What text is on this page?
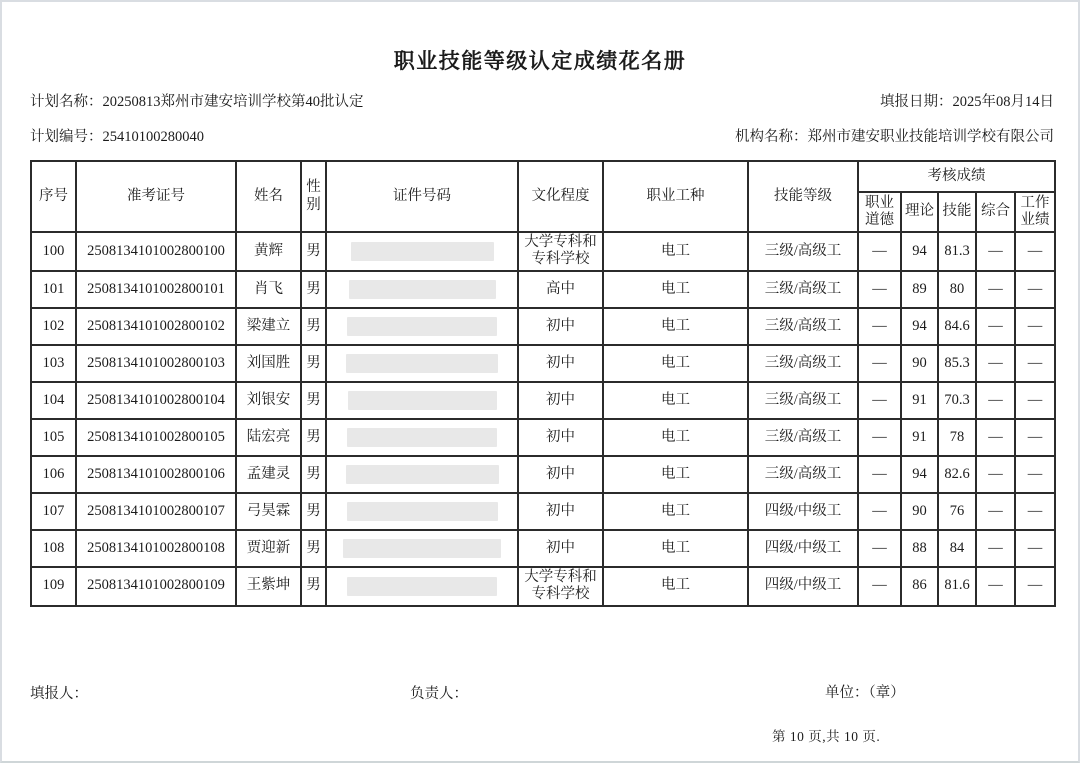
职业技能等级认定成绩花名册
计划名称：20250813郑州市建安培训学校第40批认定	填报日期：2025年08月14日
计划编号：25410100280040	机构名称：郑州市建安职业技能培训学校有限公司
序号	准考证号	姓名	性别	证件号码	文化程度	职业工种	技能等级	考核成绩				
								职业道德	理论	技能	综合	工作业绩
100	2508134101002800100	黄辉	男		大学专科和专科学校	电工	三级/高级工	—	94	81.3	—	—
101	2508134101002800101	肖飞	男		高中	电工	三级/高级工	—	89	80	—	—
102	2508134101002800102	梁建立	男		初中	电工	三级/高级工	—	94	84.6	—	—
103	2508134101002800103	刘国胜	男		初中	电工	三级/高级工	—	90	85.3	—	—
104	2508134101002800104	刘银安	男		初中	电工	三级/高级工	—	91	70.3	—	—
105	2508134101002800105	陆宏亮	男		初中	电工	三级/高级工	—	91	78	—	—
106	2508134101002800106	孟建灵	男		初中	电工	三级/高级工	—	94	82.6	—	—
107	2508134101002800107	弓昊霖	男		初中	电工	四级/中级工	—	90	76	—	—
108	2508134101002800108	贾迎新	男		初中	电工	四级/中级工	—	88	84	—	—
109	2508134101002800109	王紫坤	男		大学专科和专科学校	电工	四级/中级工	—	86	81.6	—	—
填报人：	负责人：	单位：（章）
第 10 页,共 10 页.
